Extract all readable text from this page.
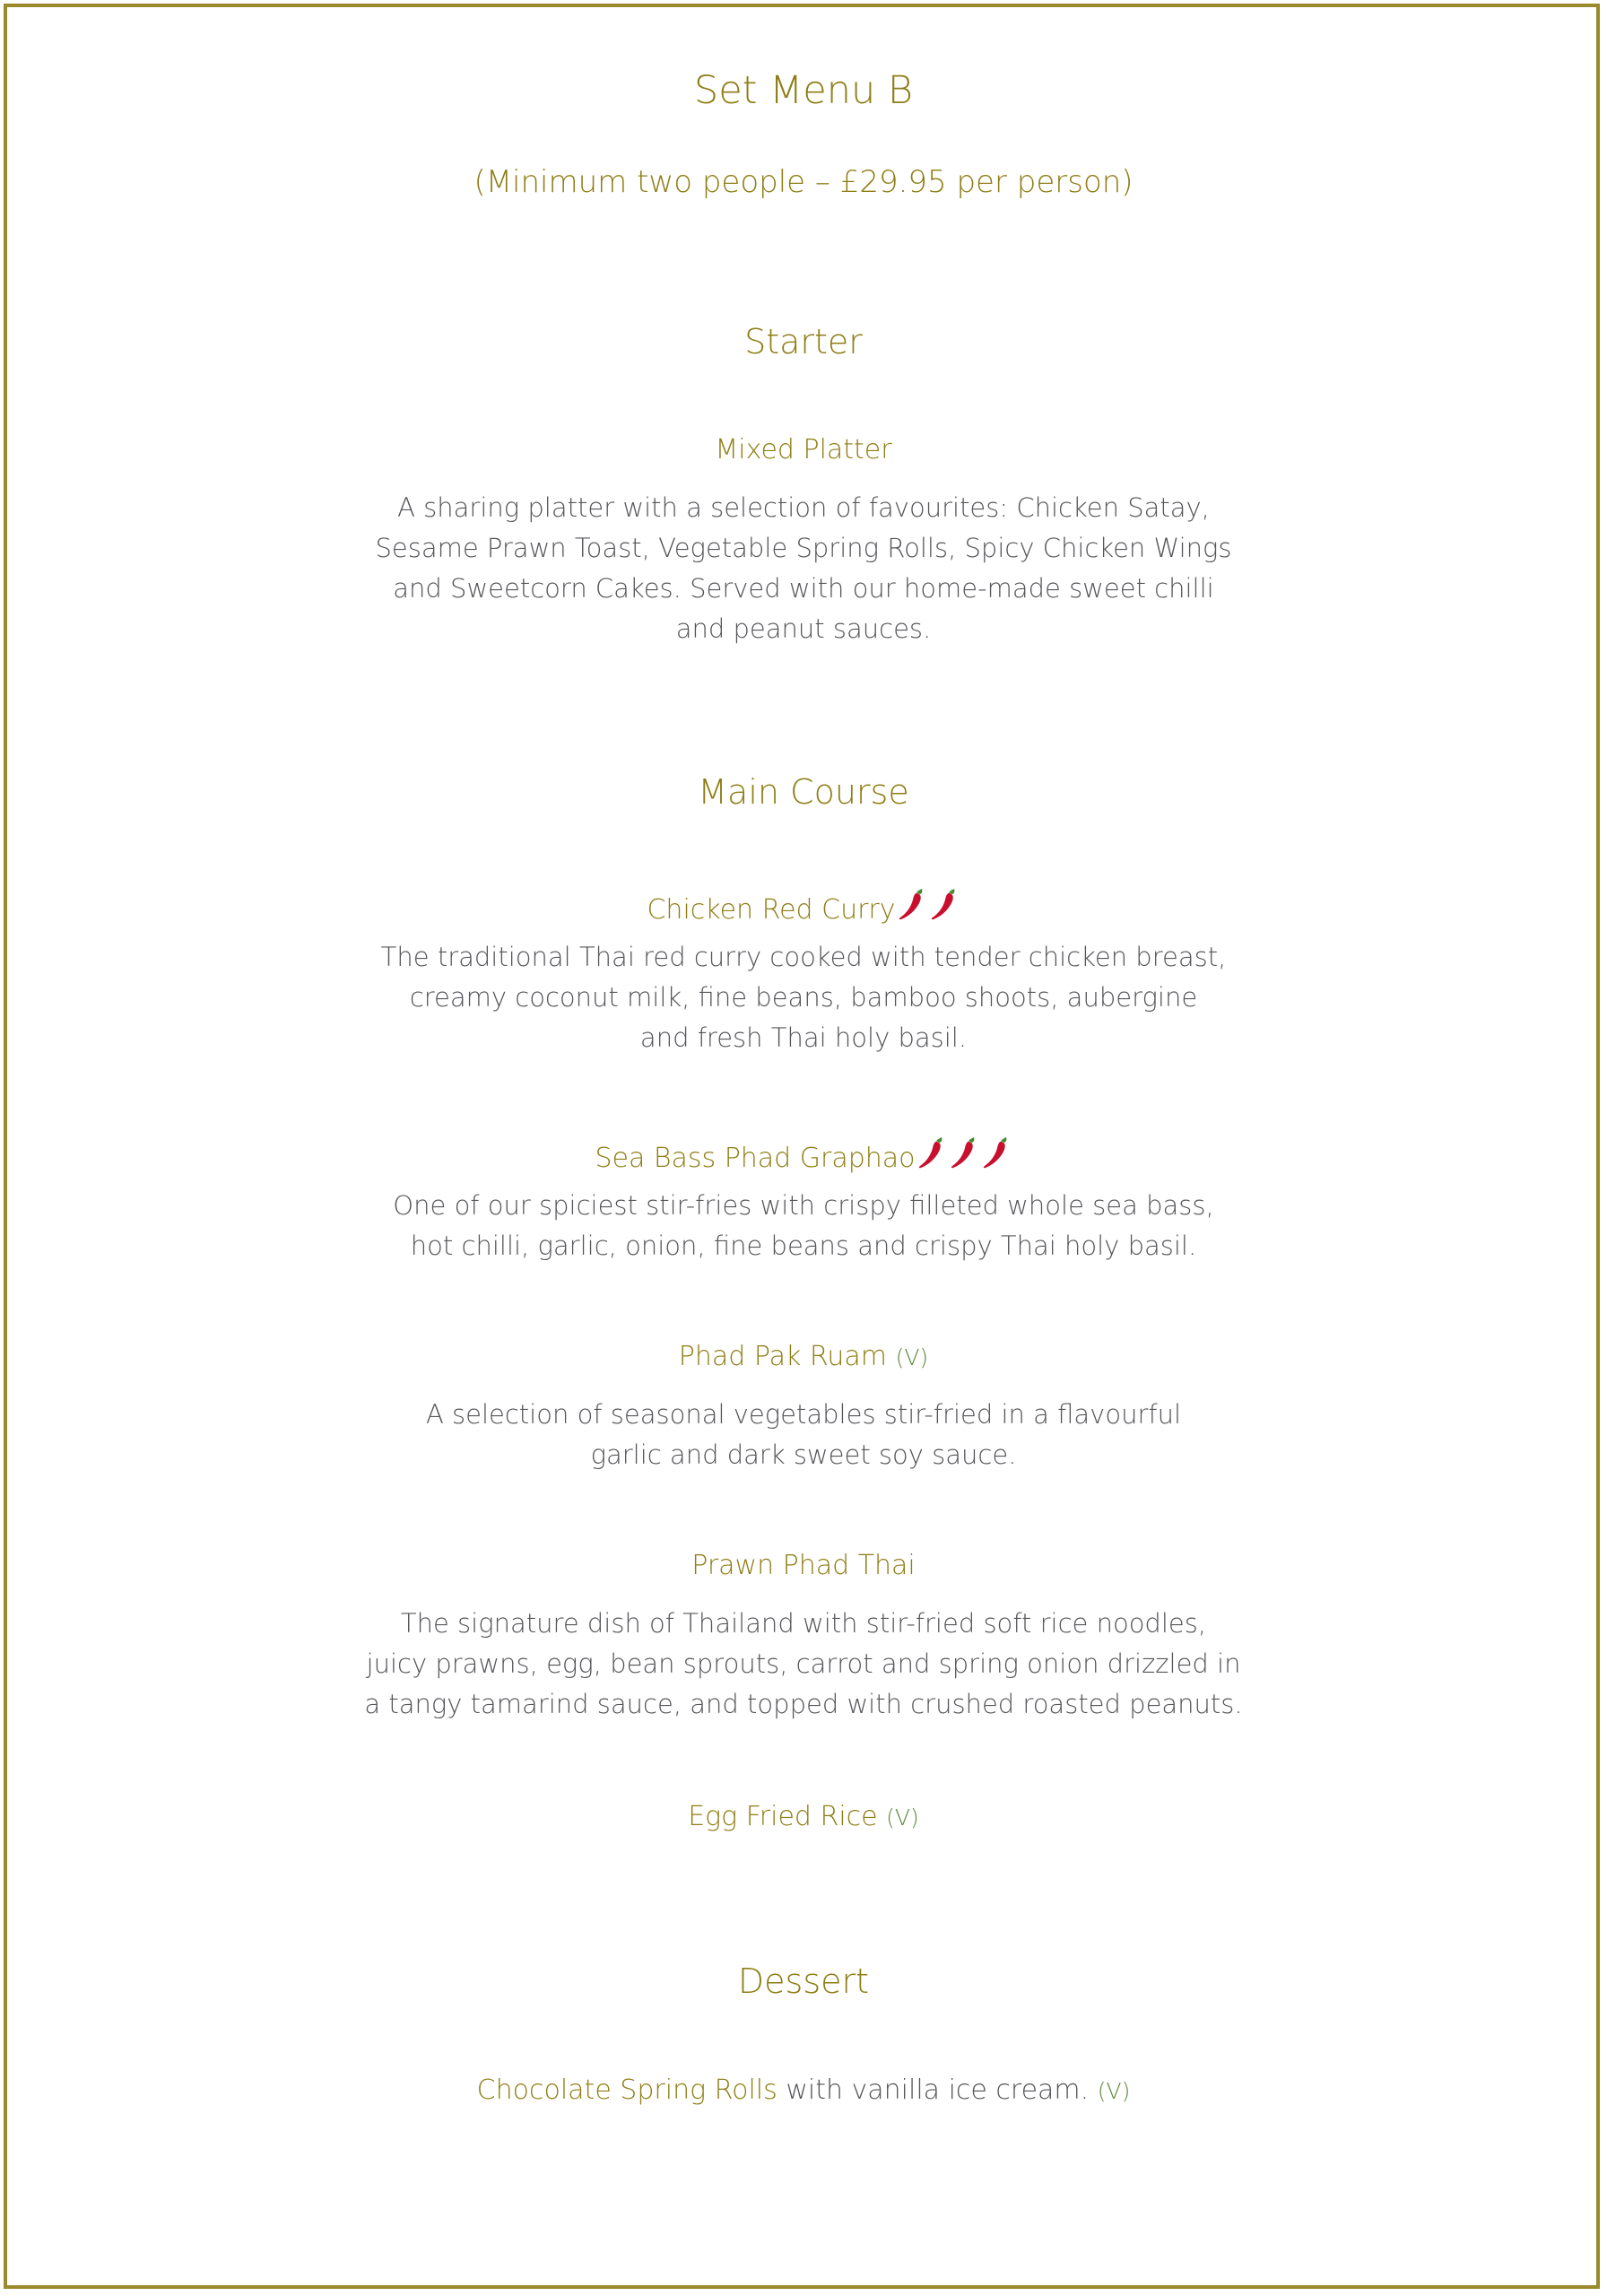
Set Menu B

(Minimum two people – £29.95 per person)

Starter
Mixed Platter
A sharing platter with a selection of favourites: Chicken Satay,
Sesame Prawn Toast, Vegetable Spring Rolls, Spicy Chicken Wings
and Sweetcorn Cakes. Served with our home-made sweet chilli
and peanut sauces.
Main Course
Chicken Red Curry
The traditional Thai red curry cooked with tender chicken breast,
creamy coconut milk, fine beans, bamboo shoots, aubergine
and fresh Thai holy basil.
Sea Bass Phad Graphao
One of our spiciest stir-fries with crispy filleted whole sea bass,
hot chilli, garlic, onion, fine beans and crispy Thai holy basil.
Phad Pak Ruam (V)
A selection of seasonal vegetables stir-fried in a flavourful
garlic and dark sweet soy sauce.
Prawn Phad Thai
The signature dish of Thailand with stir-fried soft rice noodles,
juicy prawns, egg, bean sprouts, carrot and spring onion drizzled in
a tangy tamarind sauce, and topped with crushed roasted peanuts.
Egg Fried Rice (V)
Dessert

Chocolate Spring Rolls with vanilla ice cream. (V)
